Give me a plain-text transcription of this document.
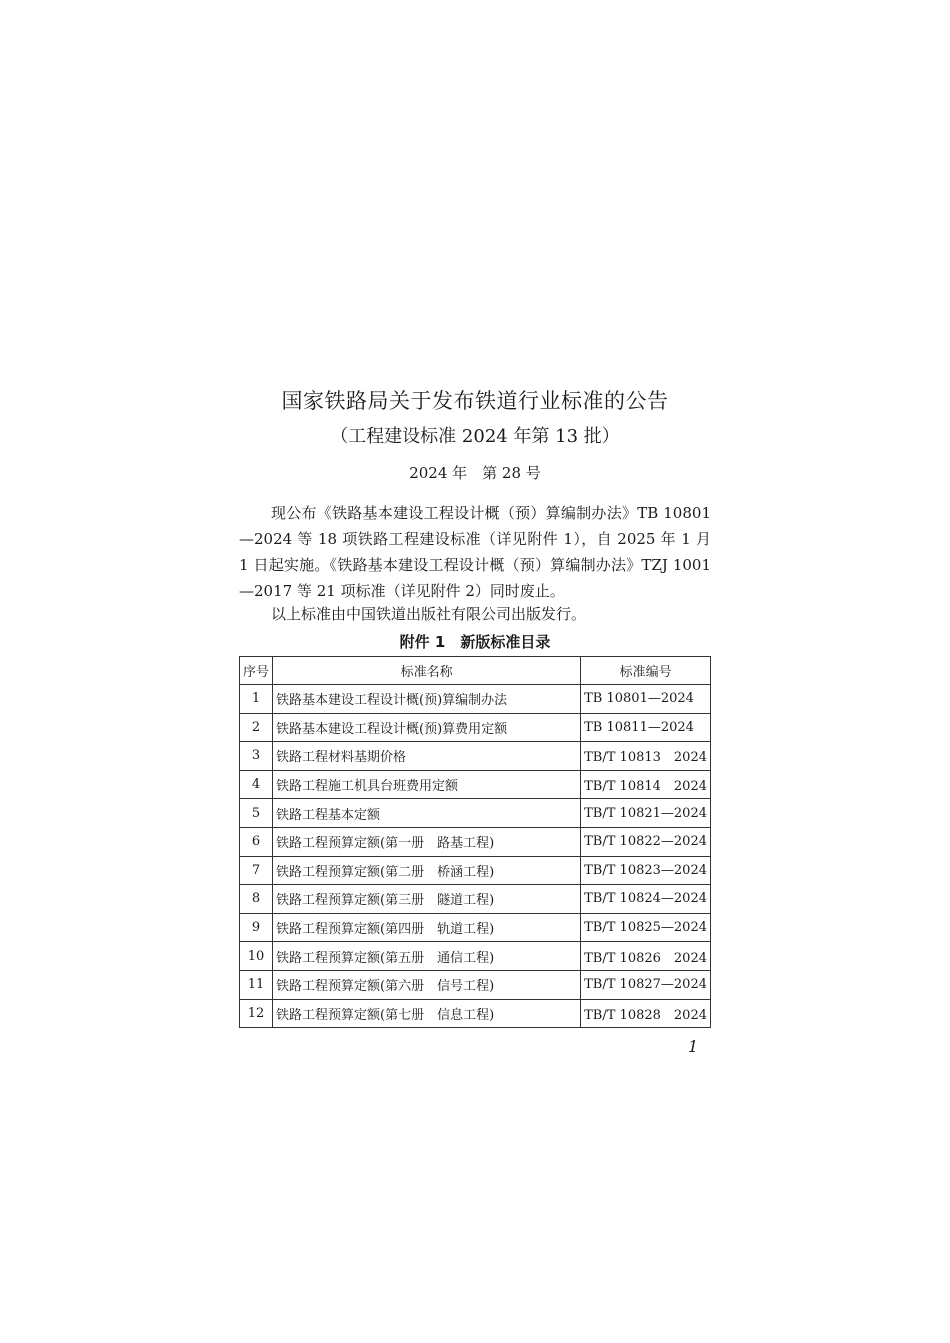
国家铁路局关于发布铁道行业标准的公告
（工程建设标准 2024 年第 13 批）
2024 年　第 28 号
现公布《铁路基本建设工程设计概（预）算编制办法》TB 10801—2024 等 18 项铁路工程建设标准（详见附件 1），自 2025 年 1 月 1 日起实施。《铁路基本建设工程设计概（预）算编制办法》TZJ 1001—2017 等 21 项标准（详见附件 2）同时废止。
以上标准由中国铁道出版社有限公司出版发行。
附件 1　新版标准目录
序号	标准名称	标准编号
1	铁路基本建设工程设计概(预)算编制办法	TB 10801—2024
2	铁路基本建设工程设计概(预)算费用定额	TB 10811—2024
3	铁路工程材料基期价格	TB/T 10813　2024
4	铁路工程施工机具台班费用定额	TB/T 10814　2024
5	铁路工程基本定额	TB/T 10821—2024
6	铁路工程预算定额(第一册　路基工程)	TB/T 10822—2024
7	铁路工程预算定额(第二册　桥涵工程)	TB/T 10823—2024
8	铁路工程预算定额(第三册　隧道工程)	TB/T 10824—2024
9	铁路工程预算定额(第四册　轨道工程)	TB/T 10825—2024
10	铁路工程预算定额(第五册　通信工程)	TB/T 10826　2024
11	铁路工程预算定额(第六册　信号工程)	TB/T 10827—2024
12	铁路工程预算定额(第七册　信息工程)	TB/T 10828　2024
1
